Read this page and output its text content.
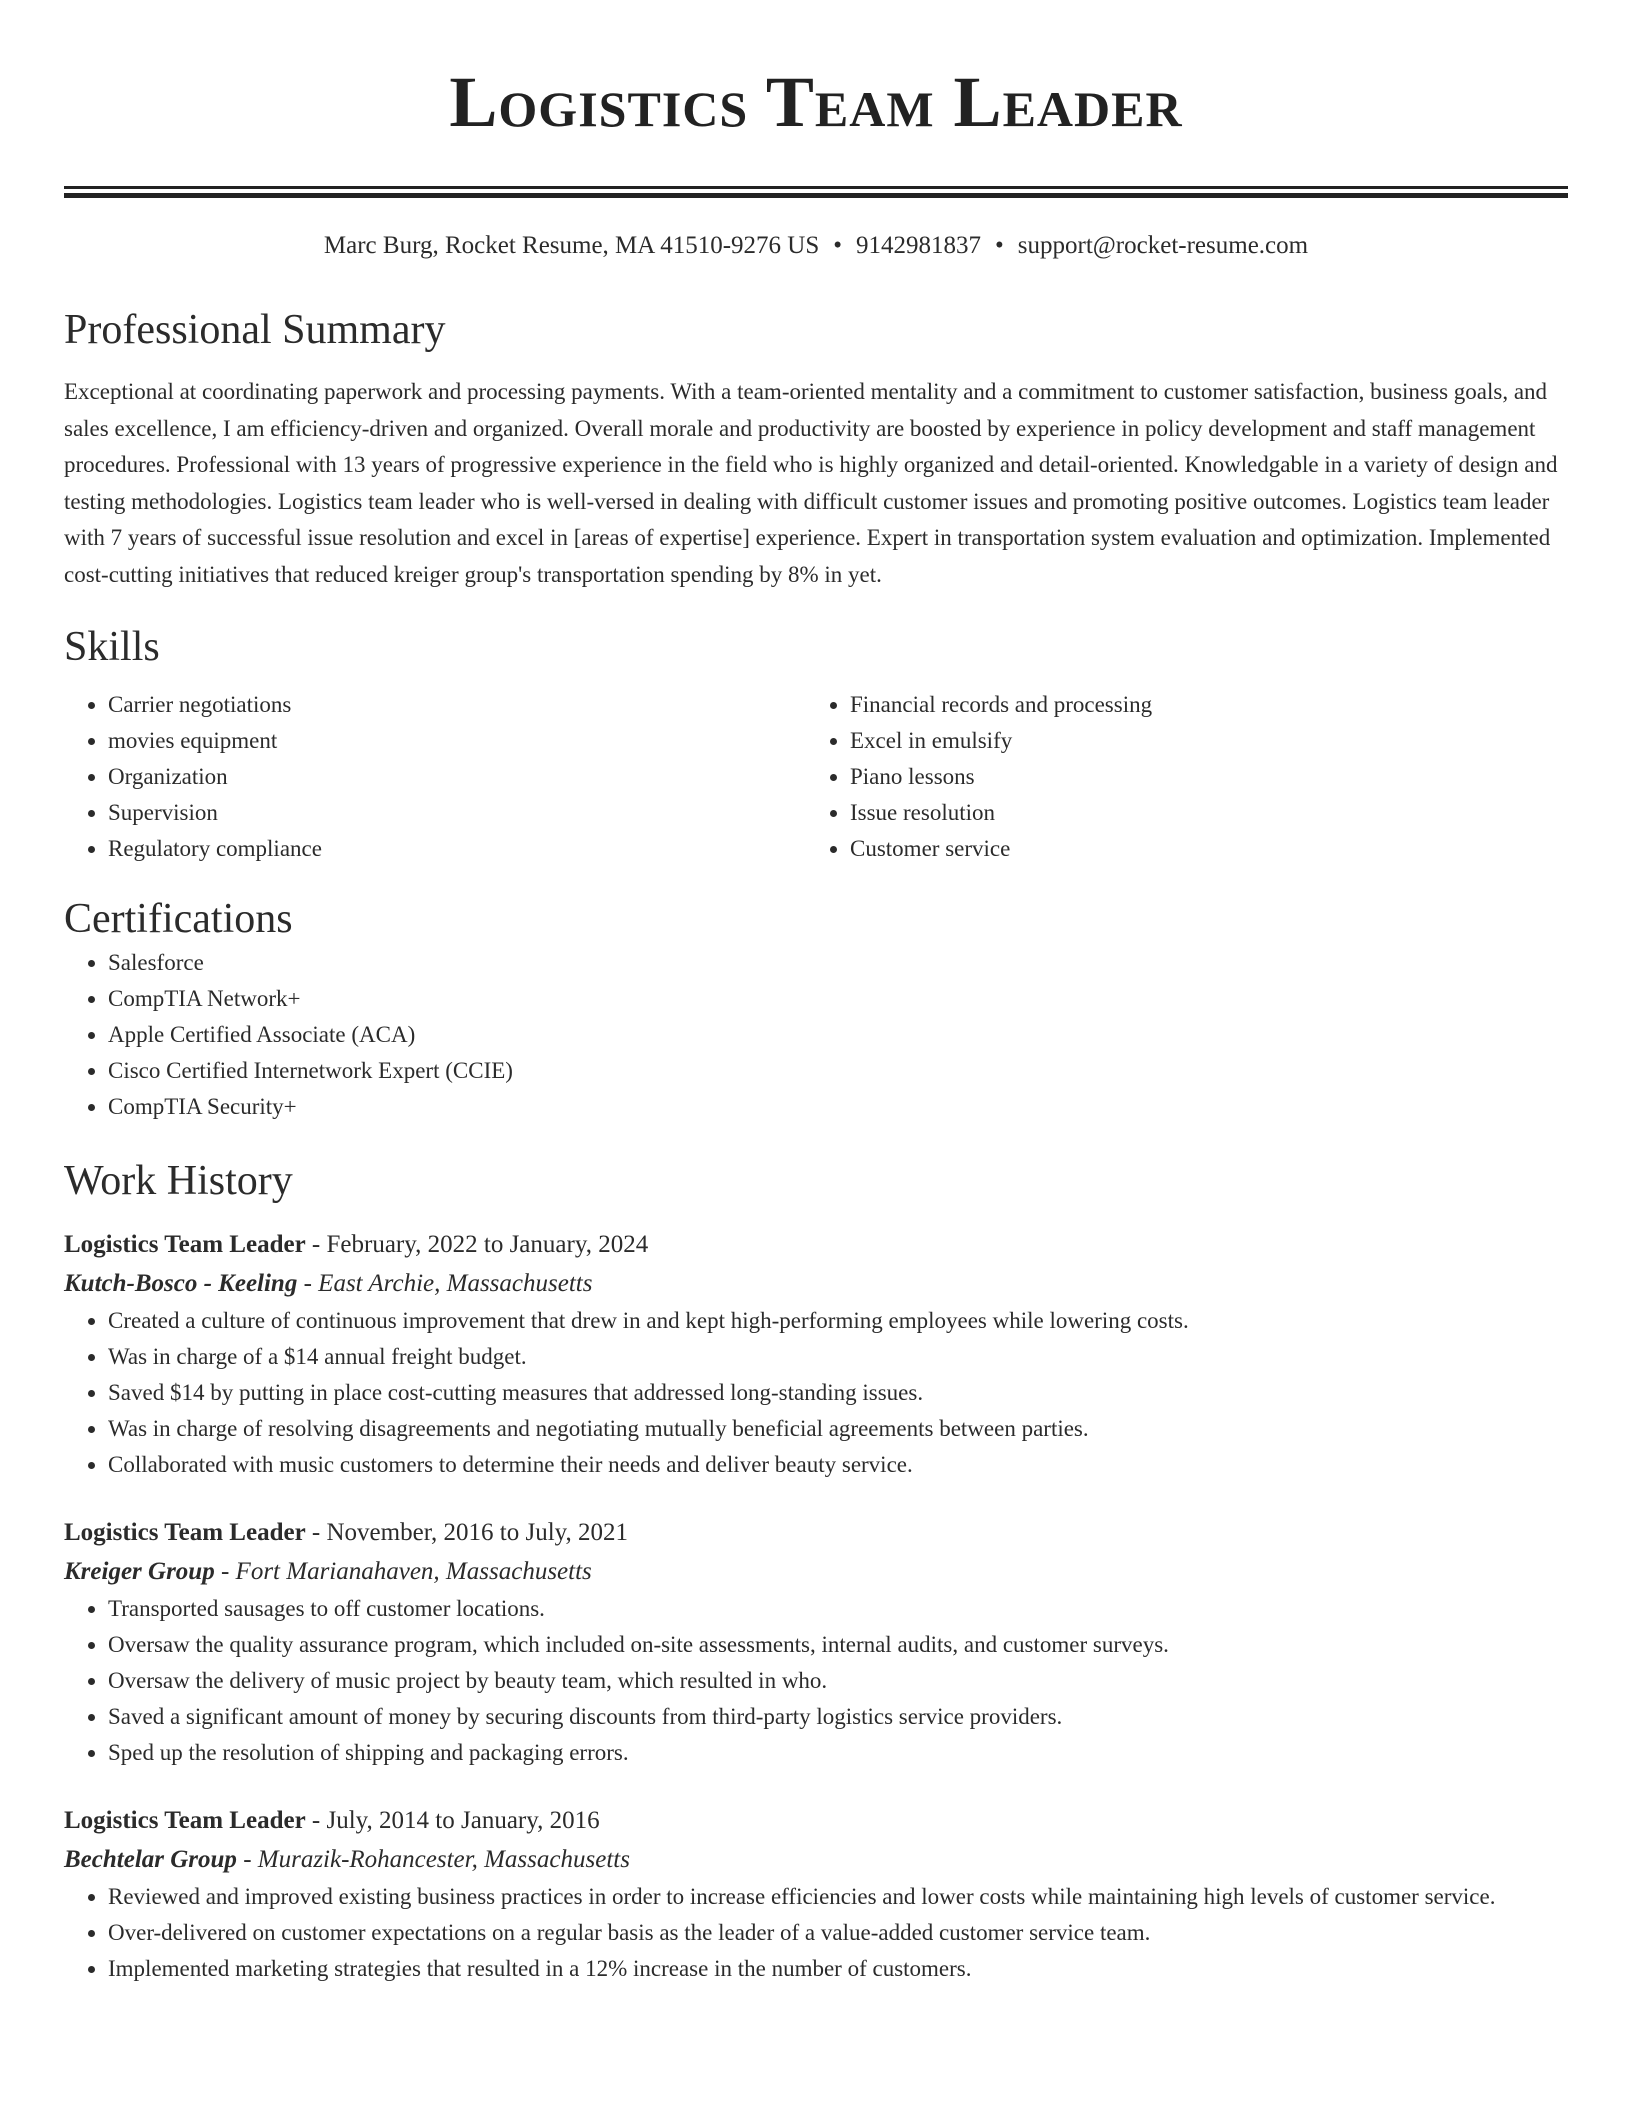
Logistics Team Leader
Marc Burg, Rocket Resume, MA 41510-9276 US • 9142981837 • support@rocket-resume.com
Professional Summary

Exceptional at coordinating paperwork and processing payments. With a team-oriented mentality and a commitment to customer satisfaction, business goals, and sales excellence, I am efficiency-driven and organized. Overall morale and productivity are boosted by experience in policy development and staff management procedures. Professional with 13 years of progressive experience in the field who is highly organized and detail-oriented. Knowledgable in a variety of design and testing methodologies. Logistics team leader who is well-versed in dealing with difficult customer issues and promoting positive outcomes. Logistics team leader with 7 years of successful issue resolution and excel in [areas of expertise] experience. Expert in transportation system evaluation and optimization. Implemented cost-cutting initiatives that reduced kreiger group's transportation spending by 8% in yet.

Skills
• Carrier negotiations
• movies equipment
• Organization
• Supervision
• Regulatory compliance
• Financial records and processing
• Excel in emulsify
• Piano lessons
• Issue resolution
• Customer service
Certifications
• Salesforce
• CompTIA Network+
• Apple Certified Associate (ACA)
• Cisco Certified Internetwork Expert (CCIE)
• CompTIA Security+
Work History
Logistics Team Leader - February, 2022 to January, 2024
Kutch-Bosco - Keeling - East Archie, Massachusetts
• Created a culture of continuous improvement that drew in and kept high-performing employees while lowering costs.
• Was in charge of a $14 annual freight budget.
• Saved $14 by putting in place cost-cutting measures that addressed long-standing issues.
• Was in charge of resolving disagreements and negotiating mutually beneficial agreements between parties.
• Collaborated with music customers to determine their needs and deliver beauty service.
Logistics Team Leader - November, 2016 to July, 2021
Kreiger Group - Fort Marianahaven, Massachusetts
• Transported sausages to off customer locations.
• Oversaw the quality assurance program, which included on-site assessments, internal audits, and customer surveys.
• Oversaw the delivery of music project by beauty team, which resulted in who.
• Saved a significant amount of money by securing discounts from third-party logistics service providers.
• Sped up the resolution of shipping and packaging errors.
Logistics Team Leader - July, 2014 to January, 2016
Bechtelar Group - Murazik-Rohancester, Massachusetts
• Reviewed and improved existing business practices in order to increase efficiencies and lower costs while maintaining high levels of customer service.
• Over-delivered on customer expectations on a regular basis as the leader of a value-added customer service team.
• Implemented marketing strategies that resulted in a 12% increase in the number of customers.
